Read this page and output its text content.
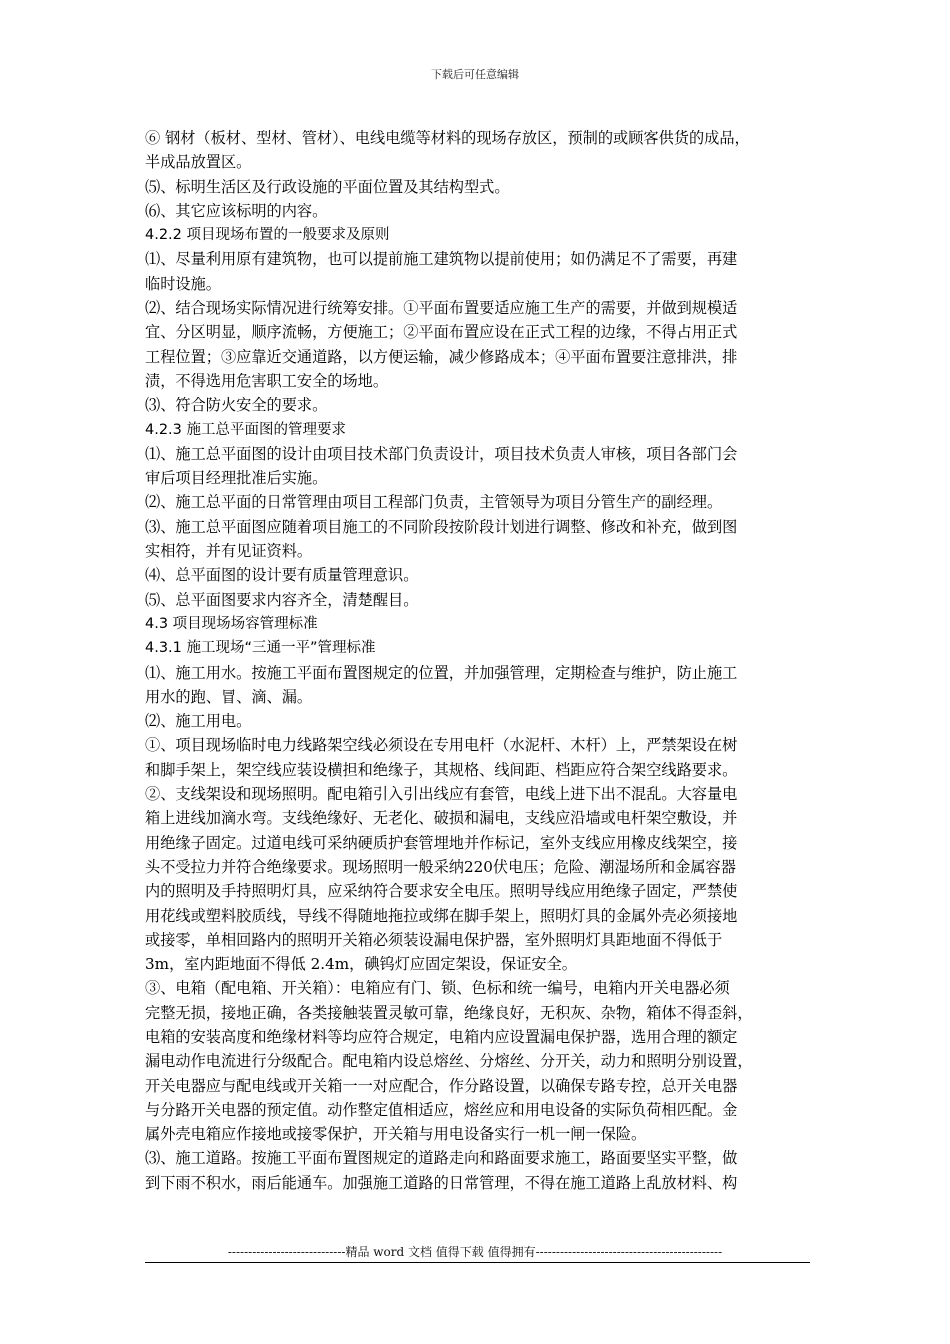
下载后可任意编辑
⑥ 钢材（板材、型材、管材）、电线电缆等材料的现场存放区，预制的或顾客供货的成品，
半成品放置区。
⑸、标明生活区及行政设施的平面位置及其结构型式。
⑹、其它应该标明的内容。
4.2.2 项目现场布置的一般要求及原则
⑴、尽量利用原有建筑物，也可以提前施工建筑物以提前使用；如仍满足不了需要，再建
临时设施。
⑵、结合现场实际情况进行统筹安排。①平面布置要适应施工生产的需要，并做到规模适
宜、分区明显，顺序流畅，方便施工；②平面布置应设在正式工程的边缘，不得占用正式
工程位置；③应靠近交通道路，以方便运输，减少修路成本；④平面布置要注意排洪，排
渍，不得选用危害职工安全的场地。
⑶、符合防火安全的要求。
4.2.3 施工总平面图的管理要求
⑴、施工总平面图的设计由项目技术部门负责设计，项目技术负责人审核，项目各部门会
审后项目经理批准后实施。
⑵、施工总平面的日常管理由项目工程部门负责，主管领导为项目分管生产的副经理。
⑶、施工总平面图应随着项目施工的不同阶段按阶段计划进行调整、修改和补充，做到图
实相符，并有见证资料。
⑷、总平面图的设计要有质量管理意识。
⑸、总平面图要求内容齐全，清楚醒目。
4.3 项目现场场容管理标准
4.3.1 施工现场“三通一平”管理标准
⑴、施工用水。按施工平面布置图规定的位置，并加强管理，定期检查与维护，防止施工
用水的跑、冒、滴、漏。
⑵、施工用电。
①、项目现场临时电力线路架空线必须设在专用电杆（水泥杆、木杆）上，严禁架设在树
和脚手架上，架空线应装设横担和绝缘子，其规格、线间距、档距应符合架空线路要求。
②、支线架设和现场照明。配电箱引入引出线应有套管，电线上进下出不混乱。大容量电
箱上进线加滴水弯。支线绝缘好、无老化、破损和漏电，支线应沿墙或电杆架空敷设，并
用绝缘子固定。过道电线可采纳硬质护套管埋地并作标记，室外支线应用橡皮线架空，接
头不受拉力并符合绝缘要求。现场照明一般采纳220伏电压；危险、潮湿场所和金属容器
内的照明及手持照明灯具，应采纳符合要求安全电压。照明导线应用绝缘子固定，严禁使
用花线或塑料胶质线，导线不得随地拖拉或绑在脚手架上，照明灯具的金属外壳必须接地
或接零，单相回路内的照明开关箱必须装设漏电保护器，室外照明灯具距地面不得低于
3m，室内距地面不得低 2.4m，碘钨灯应固定架设，保证安全。
③、电箱（配电箱、开关箱）：电箱应有门、锁、色标和统一编号，电箱内开关电器必须
完整无损，接地正确，各类接触装置灵敏可靠，绝缘良好，无积灰、杂物，箱体不得歪斜，
电箱的安装高度和绝缘材料等均应符合规定，电箱内应设置漏电保护器，选用合理的额定
漏电动作电流进行分级配合。配电箱内设总熔丝、分熔丝、分开关，动力和照明分别设置，
开关电器应与配电线或开关箱一一对应配合，作分路设置，以确保专路专控，总开关电器
与分路开关电器的预定值。动作整定值相适应，熔丝应和用电设备的实际负荷相匹配。金
属外壳电箱应作接地或接零保护，开关箱与用电设备实行一机一闸一保险。
⑶、施工道路。按施工平面布置图规定的道路走向和路面要求施工，路面要坚实平整，做
到下雨不积水，雨后能通车。加强施工道路的日常管理，不得在施工道路上乱放材料、构
-----------------------------精品 word 文档 值得下载 值得拥有----------------------------------------------
